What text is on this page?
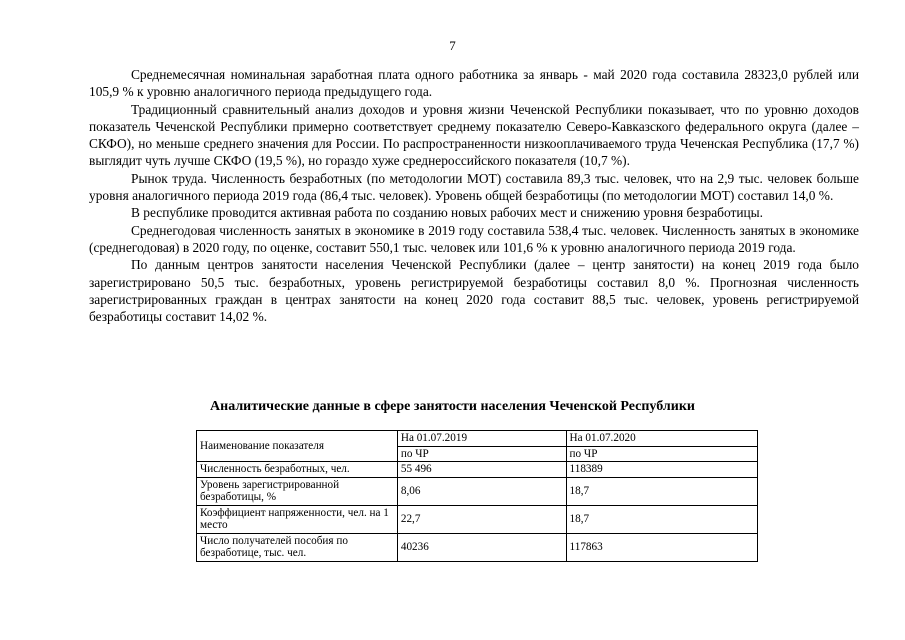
7

Среднемесячная номинальная заработная плата одного работника за январь - май 2020 года составила 28323,0 рублей или 105,9 % к уровню аналогичного периода предыдущего года.

Традиционный сравнительный анализ доходов и уровня жизни Чеченской Республики показывает, что по уровню доходов показатель Чеченской Республики примерно соответствует среднему показателю Северо-Кавказского федерального округа (далее – СКФО), но меньше среднего значения для России. По распространенности низкооплачиваемого труда Чеченская Республика (17,7 %) выглядит чуть лучше СКФО (19,5 %), но гораздо хуже среднероссийского показателя (10,7 %).

Рынок труда. Численность безработных (по методологии МОТ) составила 89,3 тыс. человек, что на 2,9 тыс. человек больше уровня аналогичного периода 2019 года (86,4 тыс. человек). Уровень общей безработицы (по методологии МОТ) составил 14,0 %.

В республике проводится активная работа по созданию новых рабочих мест и снижению уровня безработицы.

Среднегодовая численность занятых в экономике в 2019 году составила 538,4 тыс. человек. Численность занятых в экономике (среднегодовая) в 2020 году, по оценке, составит 550,1 тыс. человек или 101,6 % к уровню аналогичного периода 2019 года.

По данным центров занятости населения Чеченской Республики (далее – центр занятости) на конец 2019 года было зарегистрировано 50,5 тыс. безработных, уровень регистрируемой безработицы составил 8,0 %. Прогнозная численность зарегистрированных граждан в центрах занятости на конец 2020 года составит 88,5 тыс. человек, уровень регистрируемой безработицы составит 14,02 %.

Аналитические данные в сфере занятости населения Чеченской Республики
Наименование показателя	На 01.07.2019	На 01.07.2020
	по ЧР	по ЧР
Численность безработных, чел.	55 496	118389
Уровень зарегистрированной безработицы, %	8,06	18,7
Коэффициент напряженности, чел. на 1 место	22,7	18,7
Число получателей пособия по безработице, тыс. чел.	40236	117863
